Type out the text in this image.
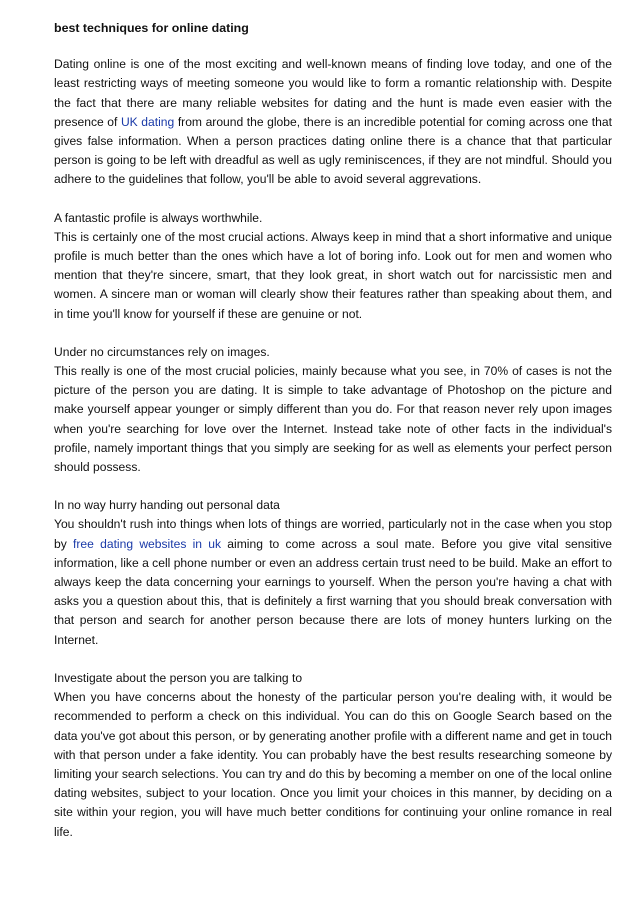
best techniques for online dating

Dating online is one of the most exciting and well-known means of finding love today, and one of the least restricting ways of meeting someone you would like to form a romantic relationship with. Despite the fact that there are many reliable websites for dating and the hunt is made even easier with the presence of UK dating from around the globe, there is an incredible potential for coming across one that gives false information. When a person practices dating online there is a chance that that particular person is going to be left with dreadful as well as ugly reminiscences, if they are not mindful. Should you adhere to the guidelines that follow, you'll be able to avoid several aggrevations.

A fantastic profile is always worthwhile.

This is certainly one of the most crucial actions. Always keep in mind that a short informative and unique profile is much better than the ones which have a lot of boring info. Look out for men and women who mention that they're sincere, smart, that they look great, in short watch out for narcissistic men and women. A sincere man or woman will clearly show their features rather than speaking about them, and in time you'll know for yourself if these are genuine or not.

Under no circumstances rely on images.

This really is one of the most crucial policies, mainly because what you see, in 70% of cases is not the picture of the person you are dating. It is simple to take advantage of Photoshop on the picture and make yourself appear younger or simply different than you do. For that reason never rely upon images when you're searching for love over the Internet. Instead take note of other facts in the individual's profile, namely important things that you simply are seeking for as well as elements your perfect person should possess.

In no way hurry handing out personal data

You shouldn't rush into things when lots of things are worried, particularly not in the case when you stop by free dating websites in uk aiming to come across a soul mate. Before you give vital sensitive information, like a cell phone number or even an address certain trust need to be build. Make an effort to always keep the data concerning your earnings to yourself. When the person you're having a chat with asks you a question about this, that is definitely a first warning that you should break conversation with that person and search for another person because there are lots of money hunters lurking on the Internet.

Investigate about the person you are talking to

When you have concerns about the honesty of the particular person you're dealing with, it would be recommended to perform a check on this individual. You can do this on Google Search based on the data you've got about this person, or by generating another profile with a different name and get in touch with that person under a fake identity. You can probably have the best results researching someone by limiting your search selections. You can try and do this by becoming a member on one of the local online dating websites, subject to your location. Once you limit your choices in this manner, by deciding on a site within your region, you will have much better conditions for continuing your online romance in real life.
